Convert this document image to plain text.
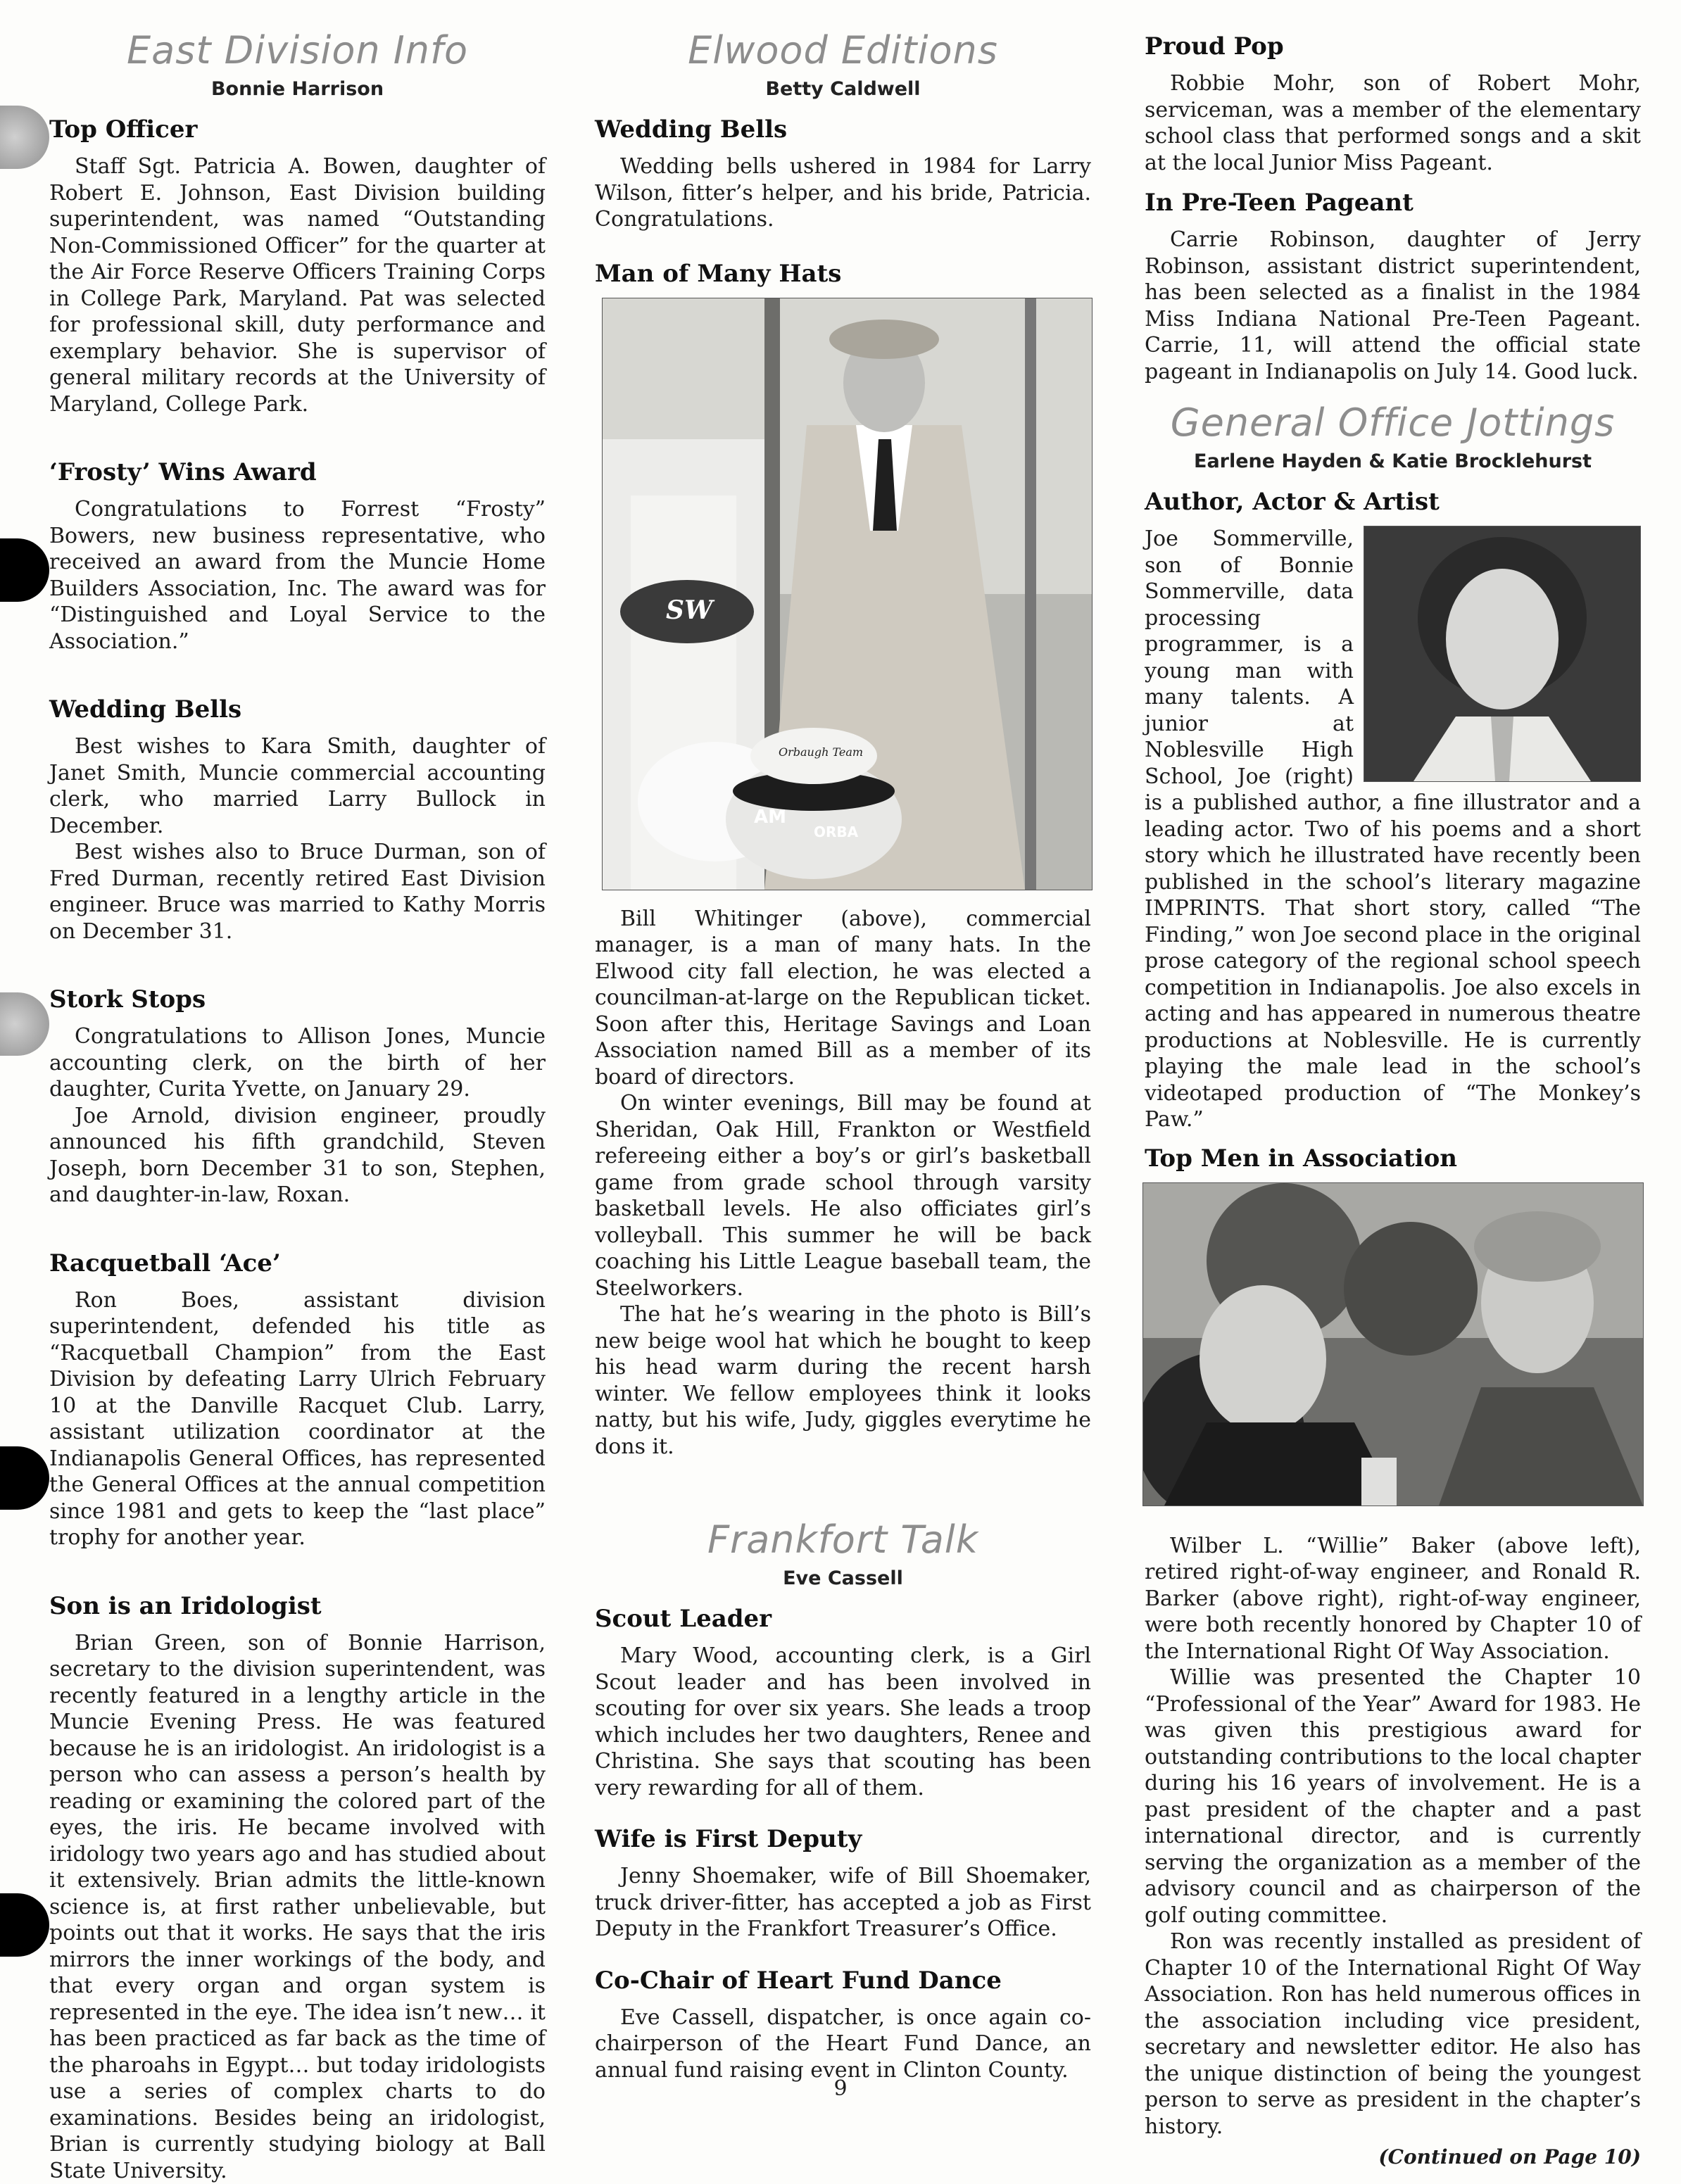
East Division Info
Bonnie Harrison
Top Officer

Staff Sgt. Patricia A. Bowen, daughter of Robert E. Johnson, East Division building superintendent, was named “Outstanding Non-Commissioned Officer” for the quarter at the Air Force Reserve Officers Training Corps in College Park, Maryland. Pat was selected for professional skill, duty performance and exemplary behavior. She is supervisor of general military records at the University of Maryland, College Park.

‘Frosty’ Wins Award

Congratulations to Forrest “Frosty” Bowers, new business representative, who received an award from the Muncie Home Builders Association, Inc. The award was for “Distinguished and Loyal Service to the Association.”

Wedding Bells

Best wishes to Kara Smith, daughter of Janet Smith, Muncie commercial accounting clerk, who married Larry Bullock in December.

Best wishes also to Bruce Durman, son of Fred Durman, recently retired East Division engineer. Bruce was married to Kathy Morris on December 31.

Stork Stops

Congratulations to Allison Jones, Muncie accounting clerk, on the birth of her daughter, Curita Yvette, on January 29.

Joe Arnold, division engineer, proudly announced his fifth grandchild, Steven Joseph, born December 31 to son, Stephen, and daughter-in-law, Roxan.

Racquetball ‘Ace’

Ron Boes, assistant division superintendent, defended his title as “Racquetball Champion” from the East Division by defeating Larry Ulrich February 10 at the Danville Racquet Club. Larry, assistant utilization coordinator at the Indianapolis General Offices, has represented the General Offices at the annual competition since 1981 and gets to keep the “last place” trophy for another year.

Son is an Iridologist

Brian Green, son of Bonnie Harrison, secretary to the division superintendent, was recently featured in a lengthy article in the Muncie Evening Press. He was featured because he is an iridologist. An iridologist is a person who can assess a person’s health by reading or examining the colored part of the eyes, the iris. He became involved with iridology two years ago and has studied about it extensively. Brian admits the little-known science is, at first rather unbelievable, but points out that it works. He says that the iris mirrors the inner workings of the body, and that every organ and organ system is represented in the eye. The idea isn’t new… it has been practiced as far back as the time of the pharoahs in Egypt… but today iridologists use a series of complex charts to do examinations. Besides being an iridologist, Brian is currently studying biology at Ball State University.

Elwood Editions
Betty Caldwell
Wedding Bells

Wedding bells ushered in 1984 for Larry Wilson, fitter’s helper, and his bride, Patricia. Congratulations.

Man of Many Hats
SW
Orbaugh Team
AM
ORBA

Bill Whitinger (above), commercial manager, is a man of many hats. In the Elwood city fall election, he was elected a councilman-at-large on the Republican ticket. Soon after this, Heritage Savings and Loan Association named Bill as a member of its board of directors.

On winter evenings, Bill may be found at Sheridan, Oak Hill, Frankton or Westfield refereeing either a boy’s or girl’s basketball game from grade school through varsity basketball levels. He also officiates girl’s volleyball. This summer he will be back coaching his Little League baseball team, the Steelworkers.

The hat he’s wearing in the photo is Bill’s new beige wool hat which he bought to keep his head warm during the recent harsh winter. We fellow employees think it looks natty, but his wife, Judy, giggles everytime he dons it.

Frankfort Talk
Eve Cassell
Scout Leader

Mary Wood, accounting clerk, is a Girl Scout leader and has been involved in scouting for over six years. She leads a troop which includes her two daughters, Renee and Christina. She says that scouting has been very rewarding for all of them.

Wife is First Deputy

Jenny Shoemaker, wife of Bill Shoemaker, truck driver-fitter, has accepted a job as First Deputy in the Frankfort Treasurer’s Office.

Co-Chair of Heart Fund Dance

Eve Cassell, dispatcher, is once again co-chairperson of the Heart Fund Dance, an annual fund raising event in Clinton County.

Proud Pop

Robbie Mohr, son of Robert Mohr, serviceman, was a member of the elementary school class that performed songs and a skit at the local Junior Miss Pageant.

In Pre-Teen Pageant

Carrie Robinson, daughter of Jerry Robinson, assistant district superintendent, has been selected as a finalist in the 1984 Miss Indiana National Pre-Teen Pageant. Carrie, 11, will attend the official state pageant in Indianapolis on July 14. Good luck.

General Office Jottings
Earlene Hayden & Katie Brocklehurst
Author, Actor & Artist

Joe Sommerville, son of Bonnie Sommerville, data processing programmer, is a young man with many talents. A junior at Noblesville High School, Joe (right) is a published author, a fine illustrator and a leading actor. Two of his poems and a short story which he illustrated have recently been published in the school’s literary magazine IMPRINTS. That short story, called “The Finding,” won Joe second place in the original prose category of the regional school speech competition in Indianapolis. Joe also excels in acting and has appeared in numerous theatre productions at Noblesville. He is currently playing the male lead in the school’s videotaped production of “The Monkey’s Paw.”

Top Men in Association

Wilber L. “Willie” Baker (above left), retired right-of-way engineer, and Ronald R. Barker (above right), right-of-way engineer, were both recently honored by Chapter 10 of the International Right Of Way Association.

Willie was presented the Chapter 10 “Professional of the Year” Award for 1983. He was given this prestigious award for outstanding contributions to the local chapter during his 16 years of involvement. He is a past president of the chapter and a past international director, and is currently serving the organization as a member of the advisory council and as chairperson of the golf outing committee.

Ron was recently installed as president of Chapter 10 of the International Right Of Way Association. Ron has held numerous offices in the association including vice president, secretary and newsletter editor. He also has the unique distinction of being the youngest person to serve as president in the chapter’s history.

(Continued on Page 10)
9
